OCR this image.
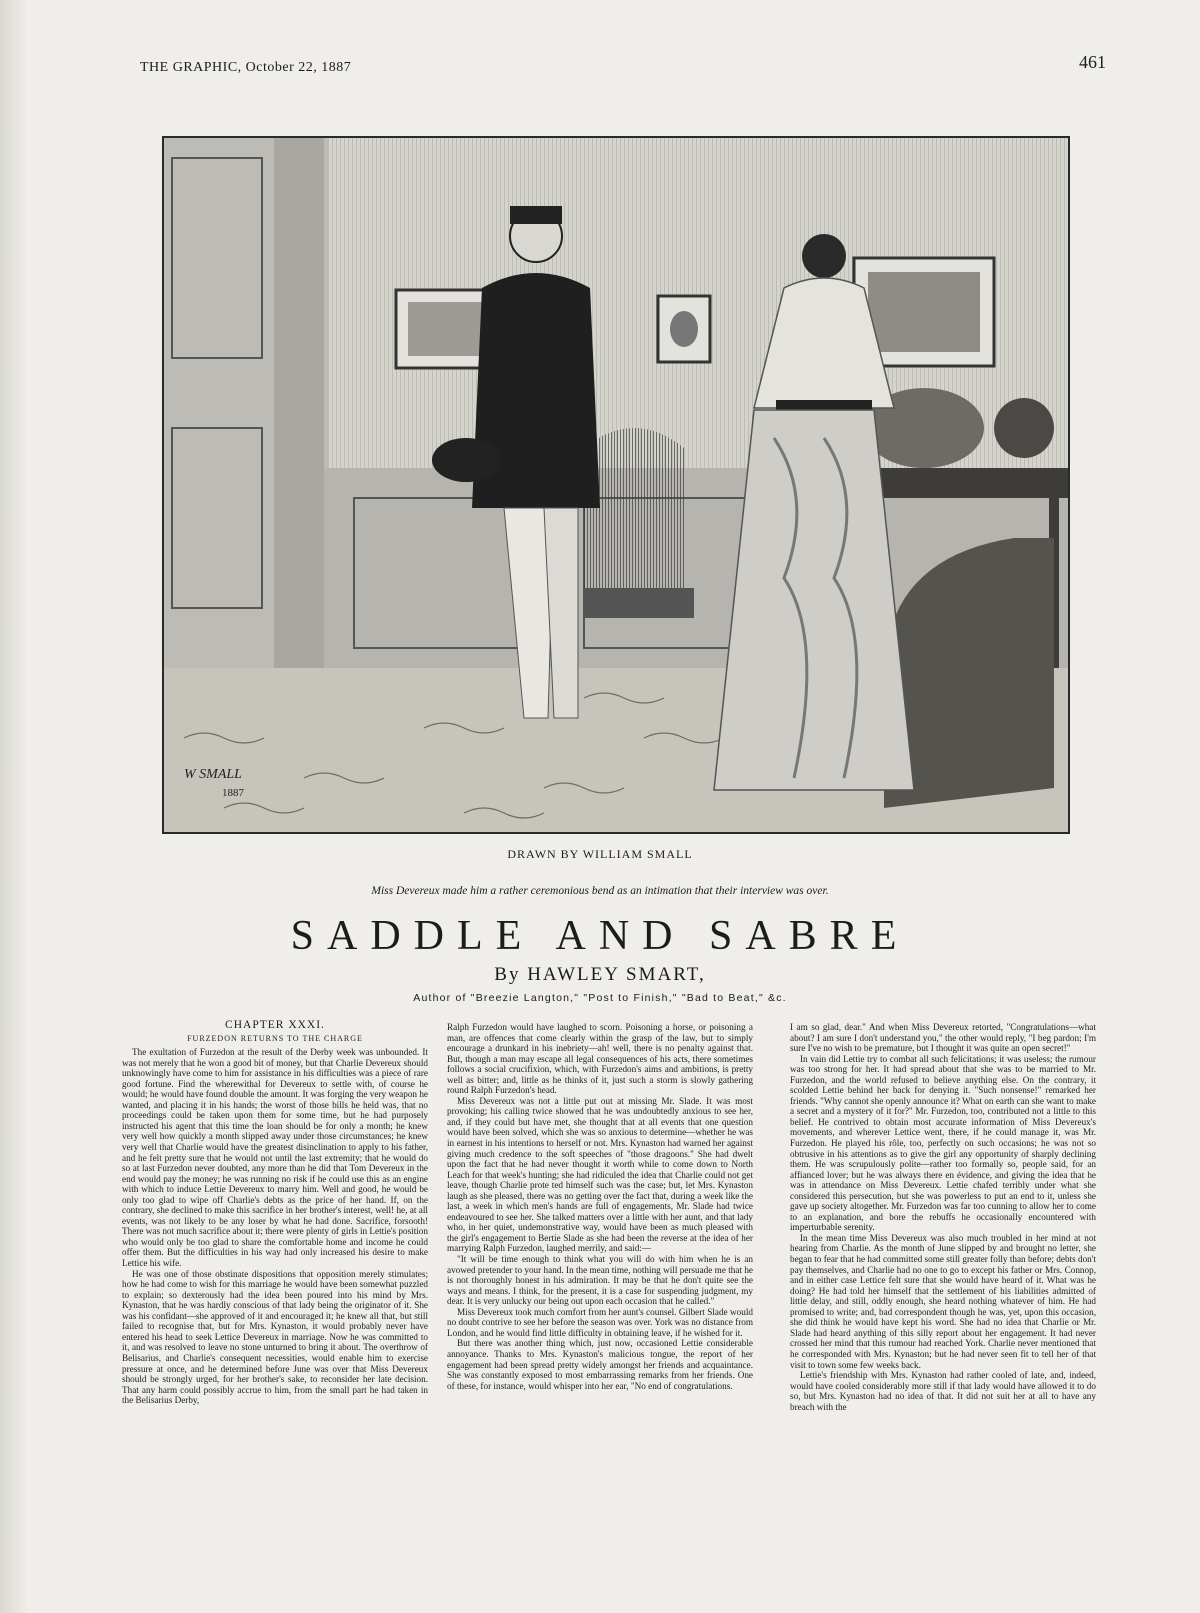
THE GRAPHIC, October 22, 1887	461
W SMALL
1887
DRAWN BY WILLIAM SMALL
Miss Devereux made him a rather ceremonious bend as an intimation that their interview was over.
SADDLE AND SABRE
By HAWLEY SMART,
Author of "Breezie Langton," "Post to Finish," "Bad to Beat," &c.
CHAPTER XXXI.
FURZEDON RETURNS TO THE CHARGE

The exultation of Furzedon at the result of the Derby week was unbounded. It was not merely that he won a good bit of money, but that Charlie Devereux should unknowingly have come to him for assistance in his difficulties was a piece of rare good fortune. Find the wherewithal for Devereux to settle with, of course he would; he would have found double the amount. It was forging the very weapon he wanted, and placing it in his hands; the worst of those bills he held was, that no proceedings could be taken upon them for some time, but he had purposely instructed his agent that this time the loan should be for only a month; he knew very well how quickly a month slipped away under those circumstances; he knew very well that Charlie would have the greatest disinclination to apply to his father, and he felt pretty sure that he would not until the last extremity; that he would do so at last Furzedon never doubted, any more than he did that Tom Devereux in the end would pay the money; he was running no risk if he could use this as an engine with which to induce Lettie Devereux to marry him. Well and good, he would be only too glad to wipe off Charlie's debts as the price of her hand. If, on the contrary, she declined to make this sacrifice in her brother's interest, well! he, at all events, was not likely to be any loser by what he had done. Sacrifice, forsooth! There was not much sacrifice about it; there were plenty of girls in Lettie's position who would only be too glad to share the comfortable home and income he could offer them. But the difficulties in his way had only increased his desire to make Lettice his wife.

He was one of those obstinate dispositions that opposition merely stimulates; how he had come to wish for this marriage he would have been somewhat puzzled to explain; so dexterously had the idea been poured into his mind by Mrs. Kynaston, that he was hardly conscious of that lady being the originator of it. She was his confidant—she approved of it and encouraged it; he knew all that, but still failed to recognise that, but for Mrs. Kynaston, it would probably never have entered his head to seek Lettice Devereux in marriage. Now he was committed to it, and was resolved to leave no stone unturned to bring it about. The overthrow of Belisarius, and Charlie's consequent necessities, would enable him to exercise pressure at once, and he determined before June was over that Miss Devereux should be strongly urged, for her brother's sake, to reconsider her late decision. That any harm could possibly accrue to him, from the small part he had taken in the Belisarius Derby,

Ralph Furzedon would have laughed to scorn. Poisoning a horse, or poisoning a man, are offences that come clearly within the grasp of the law, but to simply encourage a drunkard in his inebriety—ah! well, there is no penalty against that. But, though a man may escape all legal consequences of his acts, there sometimes follows a social crucifixion, which, with Furzedon's aims and ambitions, is pretty well as bitter; and, little as he thinks of it, just such a storm is slowly gathering round Ralph Furzedon's head.

Miss Devereux was not a little put out at missing Mr. Slade. It was most provoking; his calling twice showed that he was undoubtedly anxious to see her, and, if they could but have met, she thought that at all events that one question would have been solved, which she was so anxious to determine—whether he was in earnest in his intentions to herself or not. Mrs. Kynaston had warned her against giving much credence to the soft speeches of "those dragoons." She had dwelt upon the fact that he had never thought it worth while to come down to North Leach for that week's hunting; she had ridiculed the idea that Charlie could not get leave, though Charlie prote ted himself such was the case; but, let Mrs. Kynaston laugh as she pleased, there was no getting over the fact that, during a week like the last, a week in which men's hands are full of engagements, Mr. Slade had twice endeavoured to see her. She talked matters over a little with her aunt, and that lady who, in her quiet, undemonstrative way, would have been as much pleased with the girl's engagement to Bertie Slade as she had been the reverse at the idea of her marrying Ralph Furzedon, laughed merrily, and said:—

"It will be time enough to think what you will do with him when he is an avowed pretender to your hand. In the mean time, nothing will persuade me that he is not thoroughly honest in his admiration. It may be that he don't quite see the ways and means. I think, for the present, it is a case for suspending judgment, my dear. It is very unlucky our being out upon each occasion that he called."

Miss Devereux took much comfort from her aunt's counsel. Gilbert Slade would no doubt contrive to see her before the season was over. York was no distance from London, and he would find little difficulty in obtaining leave, if he wished for it.

But there was another thing which, just now, occasioned Lettie considerable annoyance. Thanks to Mrs. Kynaston's malicious tongue, the report of her engagement had been spread pretty widely amongst her friends and acquaintance. She was constantly exposed to most embarrassing remarks from her friends. One of these, for instance, would whisper into her ear, "No end of congratulations.

I am so glad, dear." And when Miss Devereux retorted, "Congratulations—what about? I am sure I don't understand you," the other would reply, "I beg pardon; I'm sure I've no wish to be premature, but I thought it was quite an open secret!"

In vain did Lettie try to combat all such felicitations; it was useless; the rumour was too strong for her. It had spread about that she was to be married to Mr. Furzedon, and the world refused to believe anything else. On the contrary, it scolded Lettie behind her back for denying it. "Such nonsense!" remarked her friends. "Why cannot she openly announce it? What on earth can she want to make a secret and a mystery of it for?" Mr. Furzedon, too, contributed not a little to this belief. He contrived to obtain most accurate information of Miss Devereux's movements, and wherever Lettice went, there, if he could manage it, was Mr. Furzedon. He played his rôle, too, perfectly on such occasions; he was not so obtrusive in his attentions as to give the girl any opportunity of sharply declining them. He was scrupulously polite—rather too formally so, people said, for an affianced lover; but he was always there en évidence, and giving the idea that he was in attendance on Miss Devereux. Lettie chafed terribly under what she considered this persecution, but she was powerless to put an end to it, unless she gave up society altogether. Mr. Furzedon was far too cunning to allow her to come to an explanation, and bore the rebuffs he occasionally encountered with imperturbable serenity.

In the mean time Miss Devereux was also much troubled in her mind at not hearing from Charlie. As the month of June slipped by and brought no letter, she began to fear that he had committed some still greater folly than before; debts don't pay themselves, and Charlie had no one to go to except his father or Mrs. Connop, and in either case Lettice felt sure that she would have heard of it. What was he doing? He had told her himself that the settlement of his liabilities admitted of little delay, and still, oddly enough, she heard nothing whatever of him. He had promised to write; and, bad correspondent though he was, yet, upon this occasion, she did think he would have kept his word. She had no idea that Charlie or Mr. Slade had heard anything of this silly report about her engagement. It had never crossed her mind that this rumour had reached York. Charlie never mentioned that he corresponded with Mrs. Kynaston; but he had never seen fit to tell her of that visit to town some few weeks back.

Lettie's friendship with Mrs. Kynaston had rather cooled of late, and, indeed, would have cooled considerably more still if that lady would have allowed it to do so, but Mrs. Kynaston had no idea of that. It did not suit her at all to have any breach with the
